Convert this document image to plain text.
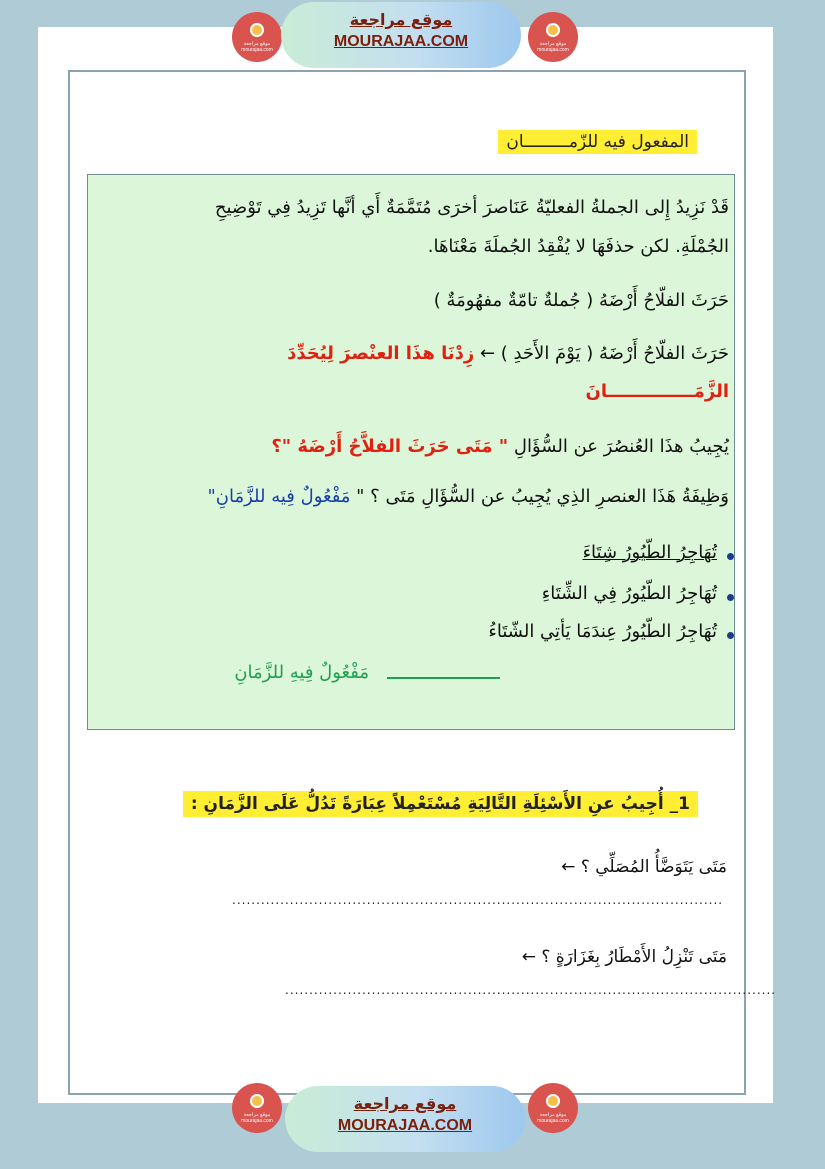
موقع مراجعة mourajaa.com
موقع مراجعة
MOURAJAA.COM	موقع مراجعة mourajaa.com
المفعول فيه للزّمـــــــــان
قَدْ نَزِيدُ إِلى الجملةُ الفعليّةُ عَنَاصرَ أخرَى مُتَمَّمَةٌ أَي أنَّها تَزِيدُ فِي تَوْضِيحِ
الجُمْلَةِ. لكن حذفَهَا لا يُفْقِدُ الجُملَةَ مَعْنَاهَا.
حَرَثَ الفلّاحُ أَرْضَهُ ( جُملةٌ تامّةٌ مفهُومَةٌ )
حَرَثَ الفلّاحُ أَرْضَهُ ( يَوْمَ الأَحَدِ ) ← زِدْنَا هذَا العنْصرَ لِيُحَدِّدَ
الزَّمَــــــــــــــانَ
يُجِيبُ هذَا العُنصُرَ عن السُّؤَالِ " مَتَى حَرَثَ الفلاَّحُ أَرْضَهُ "؟
وَظِيفَةُ هَذَا العنصرِ الذِي يُجِيبُ عن السُّؤَالِ مَتَى ؟ " مَفْعُولٌ فِيه للزَّمَانِ"
تُهَاجِرُ الطّيُورُ شِتَاءَ
تُهَاجِرُ الطّيُورُ فِي الشِّتَاءِ
تُهَاجِرُ الطّيُورُ عِندَمَا يَأتِي الشّتَاءُ
مَفْعُولٌ فِيهِ للزَّمَانِ
1_ أُجِيبُ عنِ الأَسْئِلَةِ التَّالِيَةِ مُسْتَعْمِلاً عِبَارَةً تَدُلُّ عَلَى الزَّمَانِ :
مَتَى يَتَوَضَّأُ المُصَلِّي ؟ ←
......................................................................................................
مَتَى تَنْزِلُ الأَمْطَارُ بِغَزَارَةٍ ؟ ←
......................................................................................................
موقع مراجعة mourajaa.com
موقع مراجعة
MOURAJAA.COM
موقع مراجعة mourajaa.com
